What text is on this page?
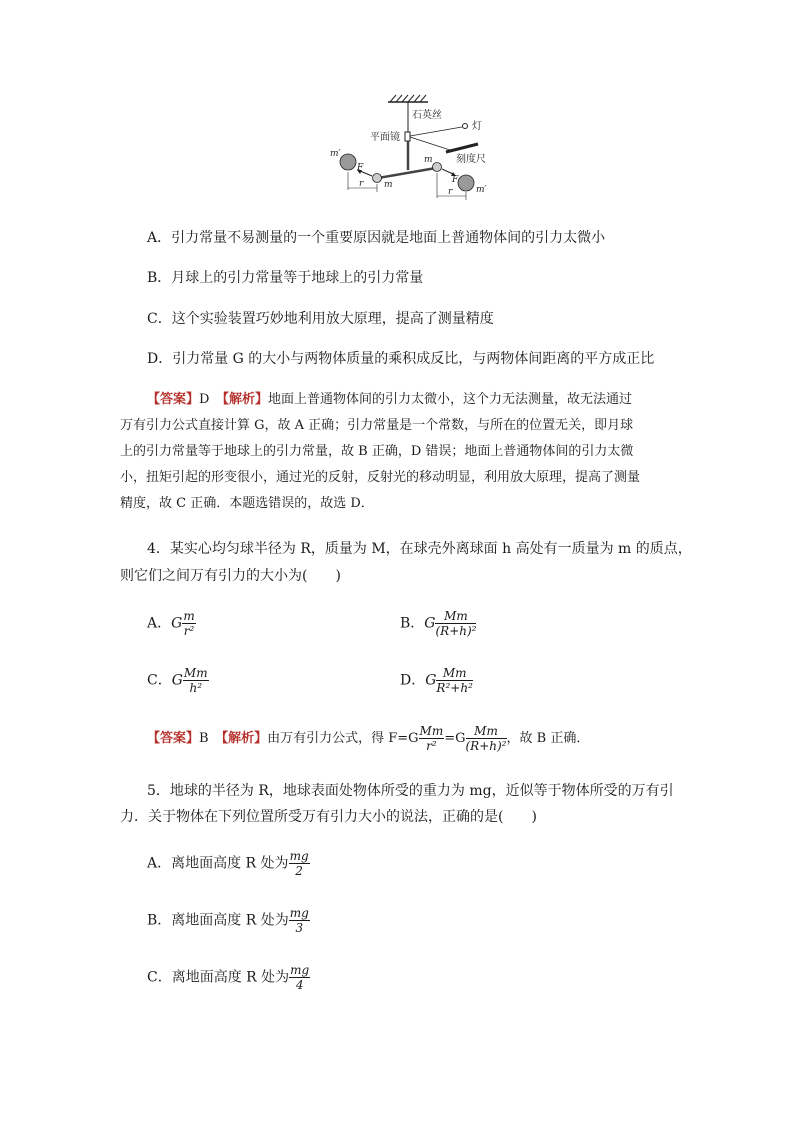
石英丝
平面镜
灯
刻度尺
m
m
m′
m′
F
F
r
r
A．引力常量不易测量的一个重要原因就是地面上普通物体间的引力太微小
B．月球上的引力常量等于地球上的引力常量
C．这个实验装置巧妙地利用放大原理，提高了测量精度
D．引力常量 G 的大小与两物体质量的乘积成反比，与两物体间距离的平方成正比
【答案】D　 【解析】地面上普通物体间的引力太微小，这个力无法测量，故无法通过
万有引力公式直接计算 G，故 A 正确；引力常量是一个常数，与所在的位置无关，即月球
上的引力常量等于地球上的引力常量，故 B 正确，D 错误；地面上普通物体间的引力太微
小，扭矩引起的形变很小，通过光的反射，反射光的移动明显，利用放大原理，提高了测量
精度，故 C 正确．本题选错误的，故选 D．
4．某实心均匀球半径为 R，质量为 M，在球壳外离球面 h 高处有一质量为 m 的质点，
则它们之间万有引力的大小为(　　)
A．G $\frac{m}{\text{r²}}$	B．G $\frac{Mm}{\text{(R+h)²}}$
C．G $\frac{Mm}{\text{h²}}$	D．G $\frac{Mm}{\text{R²+h²}}$
【答案】B　 【解析】由万有引力公式，得 $F=G \frac{Mm}{\text{r²}} =G \frac{Mm}{\text{(R+h)²}}$ ，故 B 正确．
5．地球的半径为 R，地球表面处物体所受的重力为 mg，近似等于物体所受的万有引
力．关于物体在下列位置所受万有引力大小的说法，正确的是(　　)
A．离地面高度 R 处为 $\frac{mg}{2}$
B．离地面高度 R 处为 $\frac{mg}{3}$
C．离地面高度 R 处为 $\frac{mg}{4}$
